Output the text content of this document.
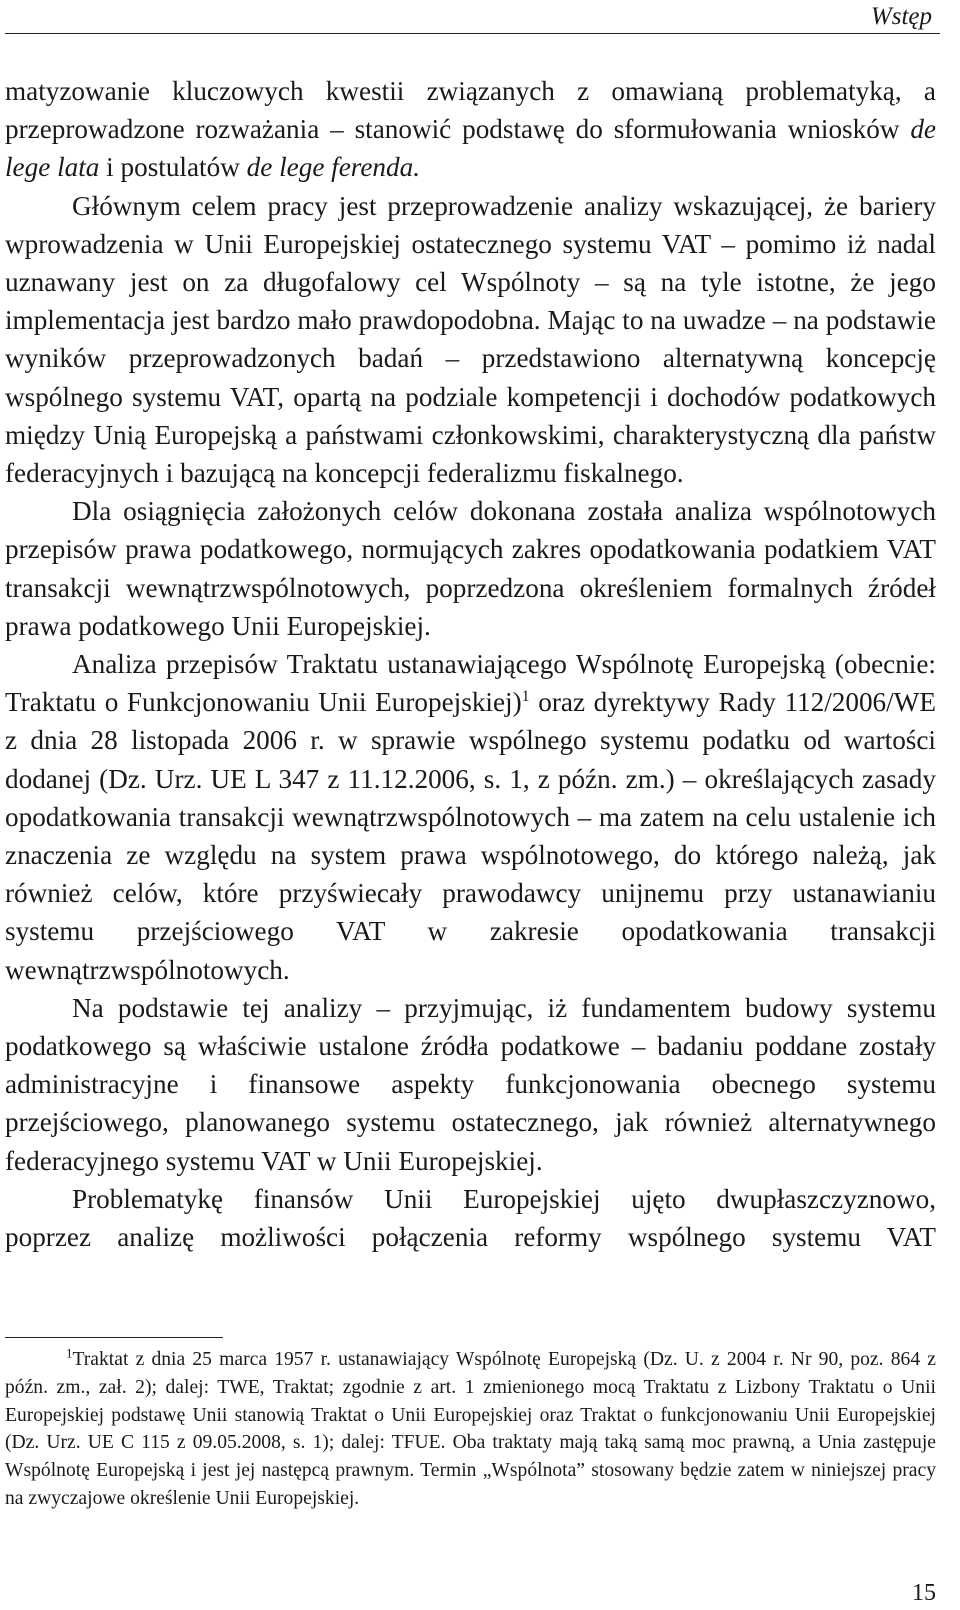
Wstęp

matyzowanie kluczowych kwestii związanych z omawianą problematyką, a przeprowadzone rozważania – stanowić podstawę do sformułowania wniosków de lege lata i postulatów de lege ferenda.

Głównym celem pracy jest przeprowadzenie analizy wskazującej, że bariery wprowadzenia w Unii Europejskiej ostatecznego systemu VAT – pomimo iż nadal uznawany jest on za długofalowy cel Wspólnoty – są na tyle istotne, że jego implementacja jest bardzo mało prawdopodobna. Mając to na uwadze – na podstawie wyników przeprowadzonych badań – przedstawiono alternatywną koncepcję wspólnego systemu VAT, opartą na podziale kompetencji i dochodów podatkowych między Unią Europejską a państwami członkowskimi, charakterystyczną dla państw federacyjnych i bazującą na koncepcji federalizmu fiskalnego.

Dla osiągnięcia założonych celów dokonana została analiza wspólnotowych przepisów prawa podatkowego, normujących zakres opodatkowania podatkiem VAT transakcji wewnątrzwspólnotowych, poprzedzona określeniem formalnych źródeł prawa podatkowego Unii Europejskiej.

Analiza przepisów Traktatu ustanawiającego Wspólnotę Europejską (obecnie: Traktatu o Funkcjonowaniu Unii Europejskiej)$^1$ oraz dyrektywy Rady 112/2006/WE z dnia 28 listopada 2006 r. w sprawie wspólnego systemu podatku od wartości dodanej (Dz. Urz. UE L 347 z 11.12.2006, s. 1, z późn. zm.) – określających zasady opodatkowania transakcji wewnątrzwspólnotowych – ma zatem na celu ustalenie ich znaczenia ze względu na system prawa wspólnotowego, do którego należą, jak również celów, które przyświecały prawodawcy unijnemu przy ustanawianiu systemu przejściowego VAT w zakresie opodatkowania transakcji wewnątrzwspólnotowych.

Na podstawie tej analizy – przyjmując, iż fundamentem budowy systemu podatkowego są właściwie ustalone źródła podatkowe – badaniu poddane zostały administracyjne i finansowe aspekty funkcjonowania obecnego systemu przejściowego, planowanego systemu ostatecznego, jak również alternatywnego federacyjnego systemu VAT w Unii Europejskiej.

Problematykę finansów Unii Europejskiej ujęto dwupłaszczyznowo,

poprzez analizę możliwości połączenia reformy wspólnego systemu VAT

$^1$Traktat z dnia 25 marca 1957 r. ustanawiający Wspólnotę Europejską (Dz. U. z 2004 r. Nr 90, poz. 864 z późn. zm., zał. 2); dalej: TWE, Traktat; zgodnie z art. 1 zmienionego mocą Traktatu z Lizbony Traktatu o Unii Europejskiej podstawę Unii stanowią Traktat o Unii Europejskiej oraz Traktat o funkcjonowaniu Unii Europejskiej (Dz. Urz. UE C 115 z 09.05.2008, s. 1); dalej: TFUE. Oba traktaty mają taką samą moc prawną, a Unia zastępuje Wspólnotę Europejską i jest jej następcą prawnym. Termin „Wspólnota” stosowany będzie zatem w niniejszej pracy na zwyczajowe określenie Unii Europejskiej.

15
